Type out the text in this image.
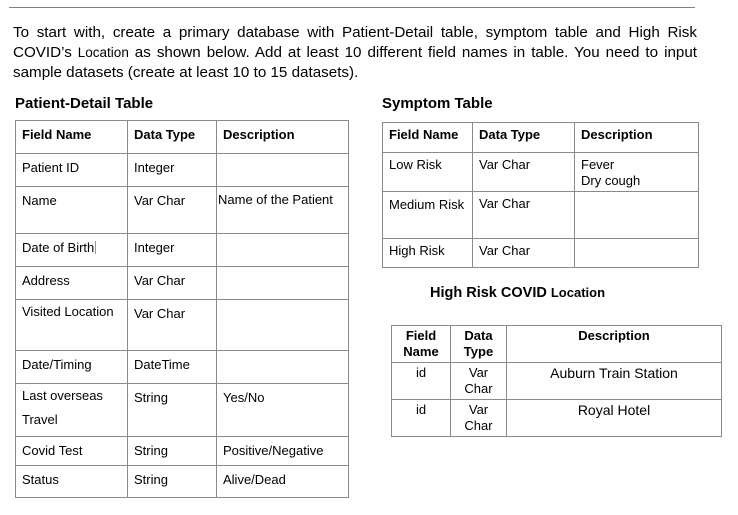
To start with, create a primary database with Patient-Detail table, symptom table and High Risk COVID’s Location as shown below. Add at least 10 different field names in table. You need to input sample datasets (create at least 10 to 15 datasets).

Patient-Detail Table

Field Name	Data Type	Description
Patient ID	Integer	
Name	Var Char	Name of the Patient

Date of Birth	Integer	
Address	Var Char	
Visited Location	Var Char	
Date/Timing	DateTime	
Last overseas Travel	String	Yes/No
Covid Test	String	Positive/Negative
Status	String	Alive/Dead

Symptom Table

Field Name	Data Type	Description
Low Risk	Var Char	Fever
Dry cough

Medium Risk	Var Char	
High Risk	Var Char	

High Risk COVID Location

Field Name	Data Type	Description
id	Var Char	Auburn Train Station
id	Var Char	Royal Hotel
